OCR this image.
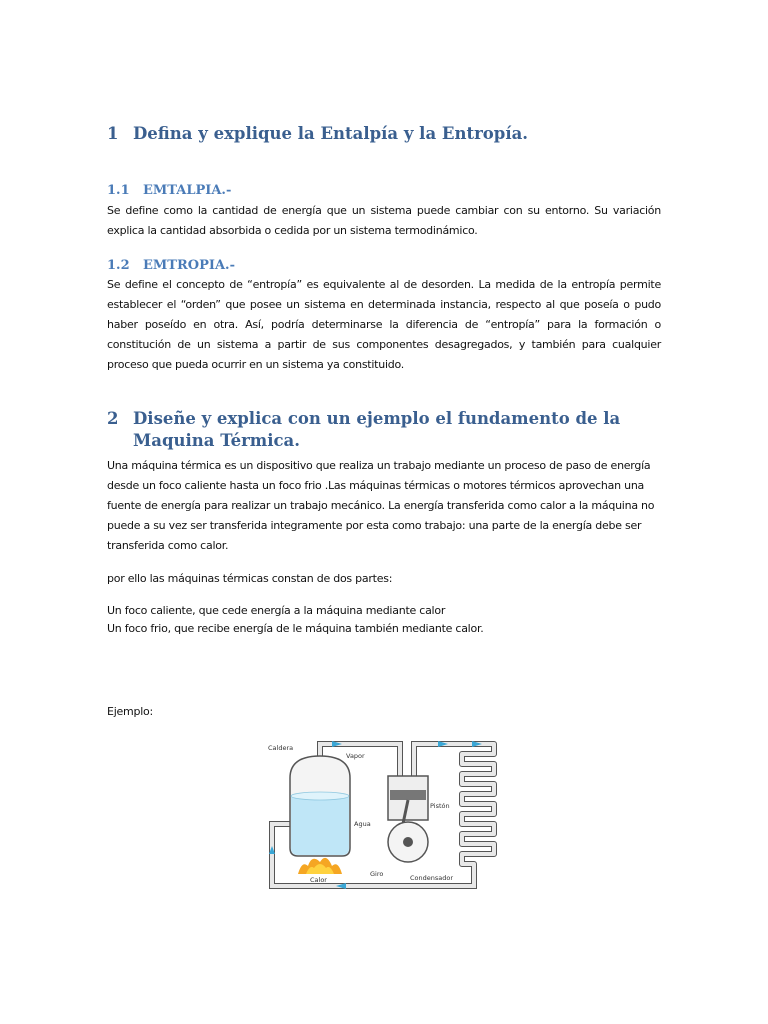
1 Defina y explique la Entalpía y la Entropía.
1.1 EMTALPIA.-

Se define como la cantidad de energía que un sistema puede cambiar con su entorno. Su variación explica la cantidad absorbida o cedida por un sistema termodinámico.

1.2 EMTROPIA.-

Se define el concepto de “entropía” es equivalente al de desorden. La medida de la entropía permite establecer el “orden” que posee un sistema en determinada instancia, respecto al que poseía o pudo haber poseído en otra. Así, podría determinarse la diferencia de “entropía” para la formación o constitución de un sistema a partir de sus componentes desagregados, y también para cualquier proceso que pueda ocurrir en un sistema ya constituido.

2 Diseñe y explica con un ejemplo el fundamento de la Maquina Térmica.

Una máquina térmica es un dispositivo que realiza un trabajo mediante un proceso de paso de energía desde un foco caliente hasta un foco frio .Las máquinas térmicas o motores térmicos aprovechan una fuente de energía para realizar un trabajo mecánico. La energía transferida como calor a la máquina no puede a su vez ser transferida integramente por esta como trabajo: una parte de la energía debe ser transferida como calor.

por ello las máquinas térmicas constan de dos partes:

Un foco caliente, que cede energía a la máquina mediante calor

Un foco frio, que recibe energía de le máquina también mediante calor.

Ejemplo:

Caldera
Vapor
Agua
Pistón
Giro
Calor	Condensador
